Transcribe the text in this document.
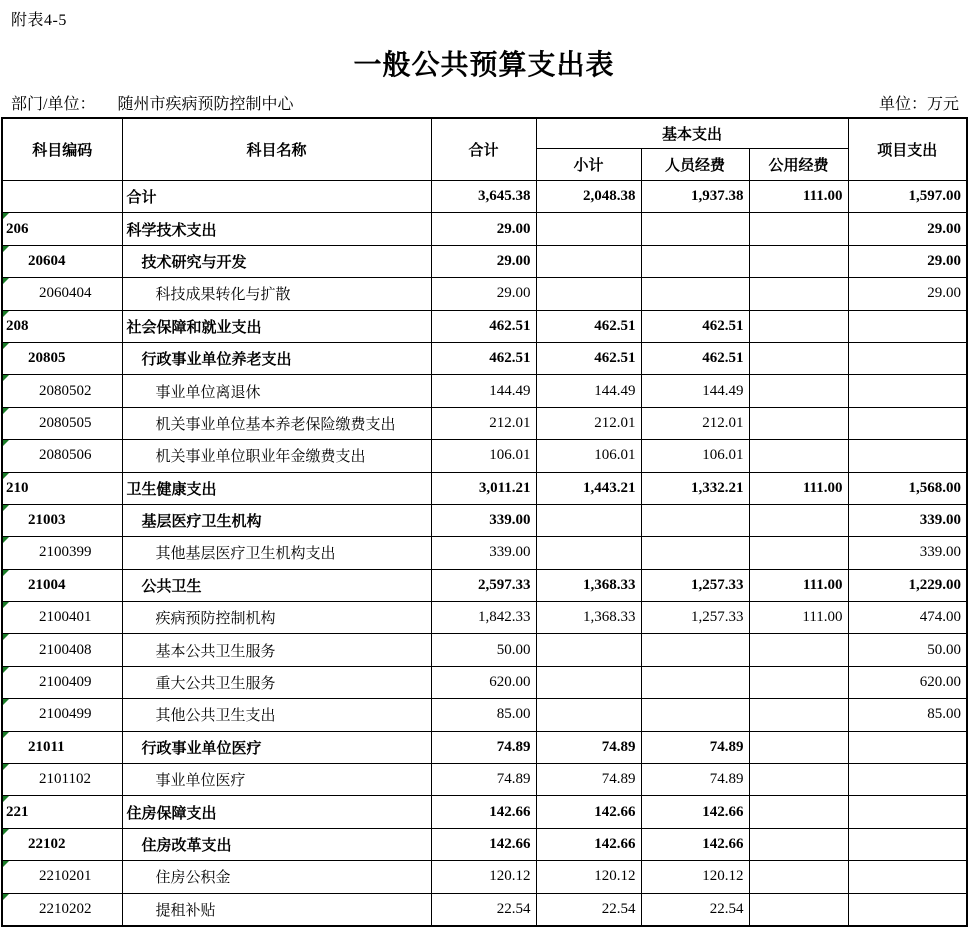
附表4-5
一般公共预算支出表
部门/单位： 随州市疾病预防控制中心	单位：万元
科目编码	科目名称	合计	基本支出			项目支出
			小计	人员经费	公用经费	
	合计	3,645.38	2,048.38	1,937.38	111.00	1,597.00

206	科学技术支出	29.00				29.00

20604	技术研究与开发	29.00				29.00

2060404	科技成果转化与扩散	29.00				29.00

208	社会保障和就业支出	462.51	462.51	462.51		

20805	行政事业单位养老支出	462.51	462.51	462.51		

2080502	事业单位离退休	144.49	144.49	144.49		

2080505	机关事业单位基本养老保险缴费支出	212.01	212.01	212.01		

2080506	机关事业单位职业年金缴费支出	106.01	106.01	106.01		

210	卫生健康支出	3,011.21	1,443.21	1,332.21	111.00	1,568.00

21003	基层医疗卫生机构	339.00				339.00

2100399	其他基层医疗卫生机构支出	339.00				339.00

21004	公共卫生	2,597.33	1,368.33	1,257.33	111.00	1,229.00

2100401	疾病预防控制机构	1,842.33	1,368.33	1,257.33	111.00	474.00

2100408	基本公共卫生服务	50.00				50.00

2100409	重大公共卫生服务	620.00				620.00

2100499	其他公共卫生支出	85.00				85.00

21011	行政事业单位医疗	74.89	74.89	74.89		

2101102	事业单位医疗	74.89	74.89	74.89		

221	住房保障支出	142.66	142.66	142.66		

22102	住房改革支出	142.66	142.66	142.66		

2210201	住房公积金	120.12	120.12	120.12		

2210202	提租补贴	22.54	22.54	22.54		
